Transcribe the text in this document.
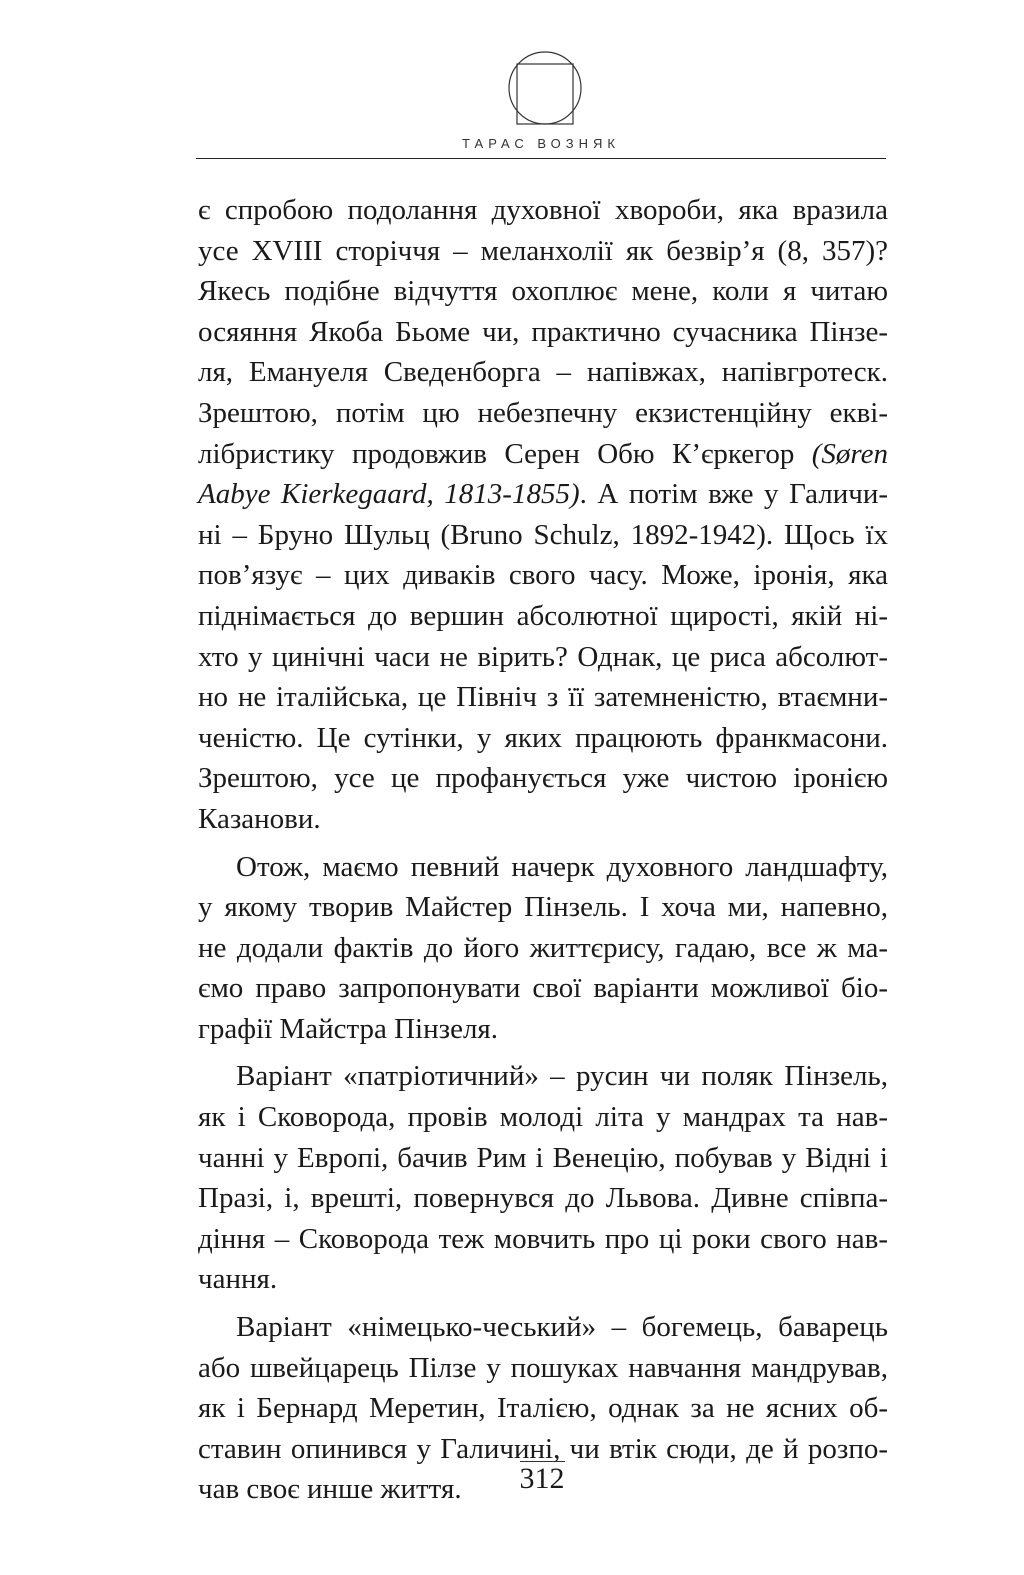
ТАРАС ВОЗНЯК
є спробою подолання духовної хвороби, яка вразила
усе XVIII сторіччя – меланхолії як безвір’я (8, 357)?
Якесь подібне відчуття охоплює мене, коли я читаю
осяяння Якоба Бьоме чи, практично сучасника Пінзе-
ля, Емануеля Сведенборга – напівжах, напівгротеск.
Зрештою, потім цю небезпечну екзистенційну екві-
лібристику продовжив Серен Обю К’єркегор (Søren
Aabye Kierkegaard, 1813-1855). А потім вже у Галичи-
ні – Бруно Шульц (Bruno Schulz, 1892-1942). Щось їх
пов’язує – цих диваків свого часу. Може, іронія, яка
піднімається до вершин абсолютної щирості, якій ні-
хто у цинічні часи не вірить? Однак, це риса абсолют-
но не італійська, це Північ з її затемненістю, втаємни-
ченістю. Це сутінки, у яких працюють франкмасони.
Зрештою, усе це профанується уже чистою іронією
Казанови.
Отож, маємо певний начерк духовного ландшафту,
у якому творив Майстер Пінзель. І хоча ми, напевно,
не додали фактів до його життєрису, гадаю, все ж ма-
ємо право запропонувати свої варіанти можливої біо-
графії Майстра Пінзеля.
Варіант «патріотичний» – русин чи поляк Пінзель,
як і Сковорода, провів молоді літа у мандрах та нав-
чанні у Европі, бачив Рим і Венецію, побував у Відні і
Празі, і, врешті, повернувся до Львова. Дивне співпа-
діння – Сковорода теж мовчить про ці роки свого нав-
чання.
Варіант «німецько-чеський» – богемець, баварець
або швейцарець Пілзе у пошуках навчання мандрував,
як і Бернард Меретин, Італією, однак за не ясних об-
ставин опинився у Галичині, чи втік сюди, де й розпо-
чав своє инше життя.	312
